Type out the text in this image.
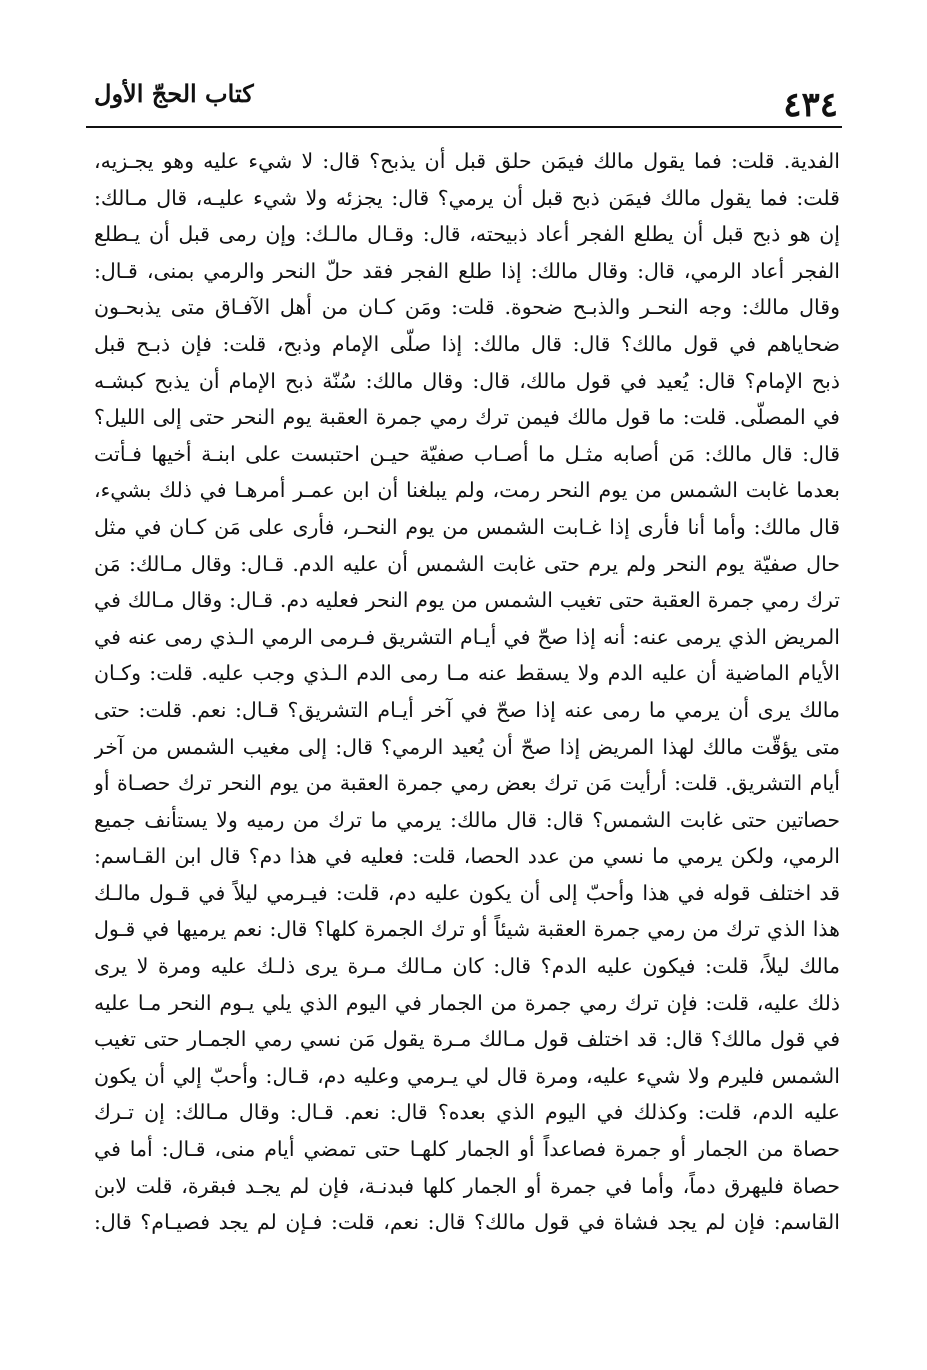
كتاب الحجّ الأول	٤٣٤
الفدية. قلت: فما يقول مالك فيمَن حلق قبل أن يذبح؟ قال: لا شيء عليه وهو يجـزيه،
قلت: فما يقول مالك فيمَن ذبح قبل أن يرمي؟ قال: يجزئه ولا شيء عليـه، قال مـالك:
إن هو ذبح قبل أن يطلع الفجر أعاد ذبيحته، قال: وقـال مالـك: وإن رمى قبل أن يـطلع
الفجر أعاد الرمي، قال: وقال مالك: إذا طلع الفجر فقد حلّ النحر والرمي بمنى، قـال:
وقال مالك: وجه النحـر والذبـح ضحوة. قلت: ومَن كـان من أهل الآفـاق متى يذبحـون
ضحاياهم في قول مالك؟ قال: قال مالك: إذا صلّى الإمام وذبح، قلت: فإن ذبـح قبل
ذبح الإمام؟ قال: يُعيد في قول مالك، قال: وقال مالك: سُنّة ذبح الإمام أن يذبح كبشـه
في المصلّى. قلت: ما قول مالك فيمن ترك رمي جمرة العقبة يوم النحر حتى إلى الليل؟
قال: قال مالك: مَن أصابه مثـل ما أصـاب صفيّة حيـن احتبست على ابنـة أخيها فـأتت
بعدما غابت الشمس من يوم النحر رمت، ولم يبلغنا أن ابن عمـر أمرهـا في ذلك بشيء،
قال مالك: وأما أنا فأرى إذا غـابت الشمس من يوم النحـر، فأرى على مَن كـان في مثل
حال صفيّة يوم النحر ولم يرم حتى غابت الشمس أن عليه الدم. قـال: وقال مـالك: مَن
ترك رمي جمرة العقبة حتى تغيب الشمس من يوم النحر فعليه دم. قـال: وقال مـالك في
المريض الذي يرمى عنه: أنه إذا صحّ في أيـام التشريق فـرمى الرمي الـذي رمى عنه في
الأيام الماضية أن عليه الدم ولا يسقط عنه مـا رمى الدم الـذي وجب عليه. قلت: وكـان
مالك يرى أن يرمي ما رمى عنه إذا صحّ في آخر أيـام التشريق؟ قـال: نعم. قلت: حتى
متى يؤقّت مالك لهذا المريض إذا صحّ أن يُعيد الرمي؟ قال: إلى مغيب الشمس من آخر
أيام التشريق. قلت: أرأيت مَن ترك بعض رمي جمرة العقبة من يوم النحر ترك حصـاة أو
حصاتين حتى غابت الشمس؟ قال: قال مالك: يرمي ما ترك من رميه ولا يستأنف جميع
الرمي، ولكن يرمي ما نسي من عدد الحصا، قلت: فعليه في هذا دم؟ قال ابن القـاسم:
قد اختلف قوله في هذا وأحبّ إلى أن يكون عليه دم، قلت: فيـرمي ليلاً في قـول مالـك
هذا الذي ترك من رمي جمرة العقبة شيئاً أو ترك الجمرة كلها؟ قال: نعم يرميها في قـول
مالك ليلاً، قلت: فيكون عليه الدم؟ قال: كان مـالك مـرة يرى ذلـك عليه ومرة لا يرى
ذلك عليه، قلت: فإن ترك رمي جمرة من الجمار في اليوم الذي يلي يـوم النحر مـا عليه
في قول مالك؟ قال: قد اختلف قول مـالك مـرة يقول مَن نسي رمي الجمـار حتى تغيب
الشمس فليرم ولا شيء عليه، ومرة قال لي يـرمي وعليه دم، قـال: وأحبّ إلي أن يكون
عليه الدم، قلت: وكذلك في اليوم الذي بعده؟ قال: نعم. قـال: وقال مـالك: إن تـرك
حصاة من الجمار أو جمرة فصاعداً أو الجمار كلهـا حتى تمضي أيام منى، قـال: أما في
حصاة فليهرق دماً، وأما في جمرة أو الجمار كلها فبدنـة، فإن لم يجـد فبقرة، قلت لابن
القاسم: فإن لم يجد فشاة في قول مالك؟ قال: نعم، قلت: فـإن لم يجد فصيـام؟ قال:
